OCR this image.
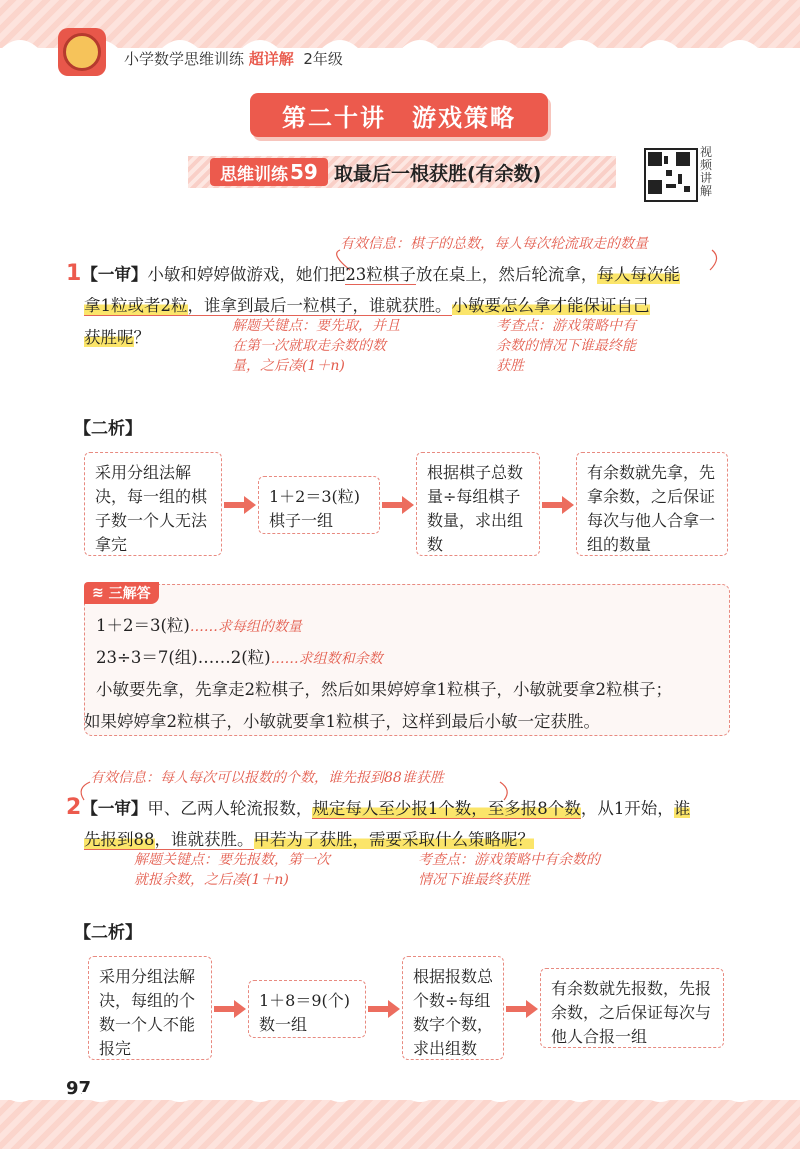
小学数学思维训练 超详解 2年级
第二十讲　游戏策略
思维训练 59 取最后一根获胜(有余数)
视
频
讲
解
有效信息：棋子的总数，每人每次轮流取走的数量
1【一审】小敏和婷婷做游戏，她们把23粒棋子放在桌上，然后轮流拿，每人每次能
拿1粒或者2粒，谁拿到最后一粒棋子，谁就获胜。小敏要怎么拿才能保证自己
获胜呢？
解题关键点：要先取，并且
在第一次就取走余数的数
量，之后凑(1＋n)
考查点：游戏策略中有
余数的情况下谁最终能
获胜
【二析】
采用分组法解决，每一组的棋子数一个人无法拿完
1＋2＝3(粒)棋子一组
根据棋子总数量÷每组棋子数量，求出组数
有余数就先拿，先拿余数，之后保证每次与他人合拿一组的数量
≋ 三解答
1＋2＝3(粒)……求每组的数量
23÷3＝7(组)……2(粒)……求组数和余数
小敏要先拿，先拿走2粒棋子，然后如果婷婷拿1粒棋子，小敏就要拿2粒棋子；
如果婷婷拿2粒棋子，小敏就要拿1粒棋子，这样到最后小敏一定获胜。
有效信息：每人每次可以报数的个数，谁先报到88谁获胜
2【一审】甲、乙两人轮流报数，规定每人至少报1个数，至多报8个数，从1开始，谁
先报到88，谁就获胜。甲若为了获胜，需要采取什么策略呢？
解题关键点：要先报数，第一次
就报余数，之后凑(1＋n)
考查点：游戏策略中有余数的
情况下谁最终获胜
【二析】
采用分组法解决，每组的个数一个人不能报完
1＋8＝9(个)数一组
根据报数总个数÷每组数字个数，求出组数
有余数就先报数，先报余数，之后保证每次与他人合报一组
97
